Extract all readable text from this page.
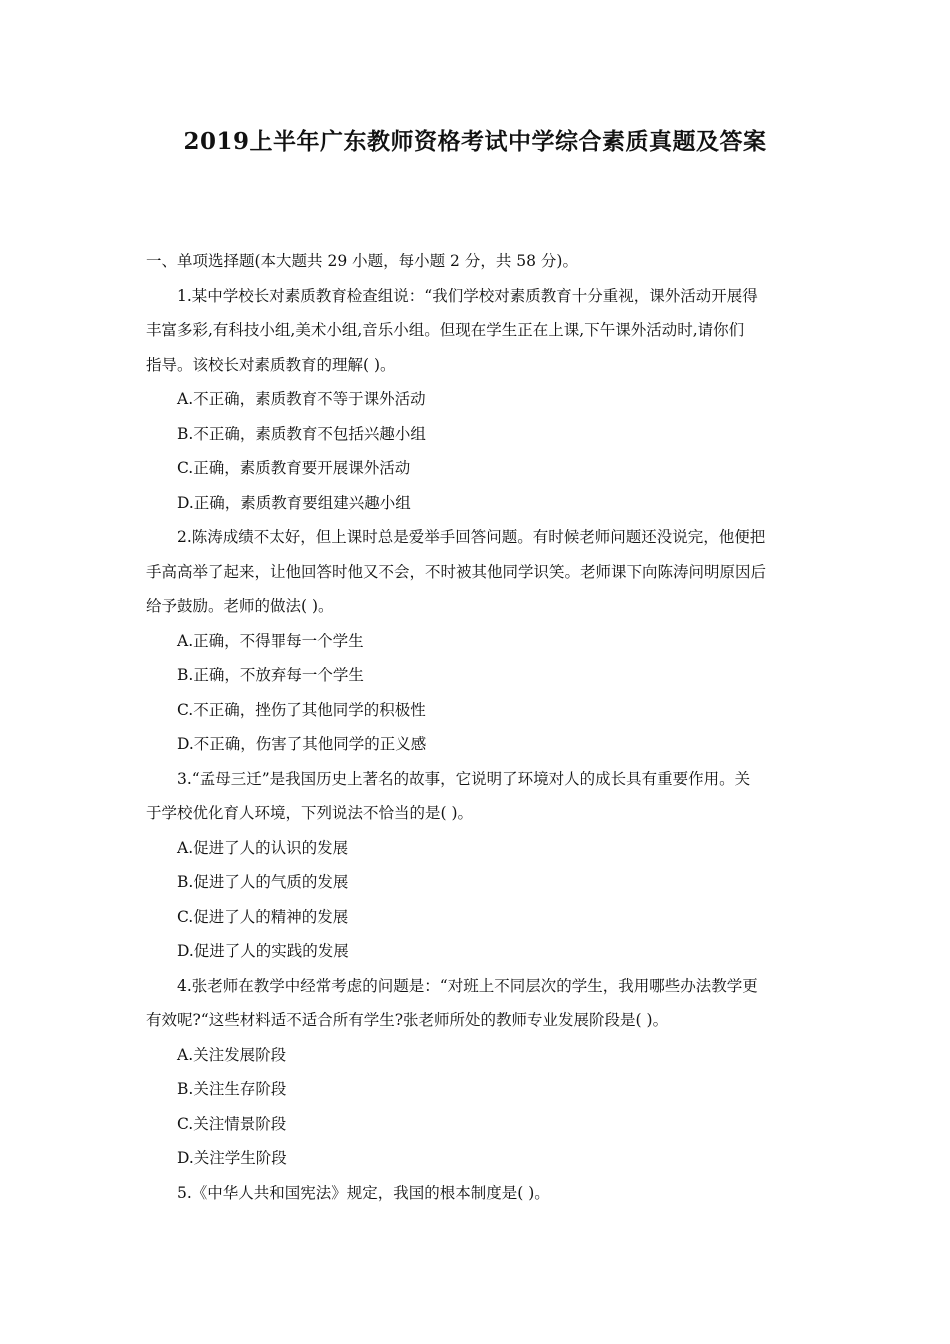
2019上半年广东教师资格考试中学综合素质真题及答案

一、单项选择题(本大题共 29 小题，每小题 2 分，共 58 分)。

1.某中学校长对素质教育检查组说：“我们学校对素质教育十分重视，课外活动开展得

丰富多彩,有科技小组,美术小组,音乐小组。但现在学生正在上课,下午课外活动时,请你们

指导。该校长对素质教育的理解( )。

A.不正确，素质教育不等于课外活动

B.不正确，素质教育不包括兴趣小组

C.正确，素质教育要开展课外活动

D.正确，素质教育要组建兴趣小组

2.陈涛成绩不太好，但上课时总是爱举手回答问题。有时候老师问题还没说完，他便把

手高高举了起来，让他回答时他又不会，不时被其他同学识笑。老师课下向陈涛问明原因后

给予鼓励。老师的做法( )。

A.正确，不得罪每一个学生

B.正确，不放弃每一个学生

C.不正确，挫伤了其他同学的积极性

D.不正确，伤害了其他同学的正义感

3.“孟母三迁”是我国历史上著名的故事，它说明了环境对人的成长具有重要作用。关

于学校优化育人环境，下列说法不恰当的是( )。

A.促进了人的认识的发展

B.促进了人的气质的发展

C.促进了人的精神的发展

D.促进了人的实践的发展

4.张老师在教学中经常考虑的问题是：“对班上不同层次的学生，我用哪些办法教学更

有效呢?“这些材料适不适合所有学生?张老师所处的教师专业发展阶段是( )。

A.关注发展阶段

B.关注生存阶段

C.关注情景阶段

D.关注学生阶段

5.《中华人共和国宪法》规定，我国的根本制度是( )。
